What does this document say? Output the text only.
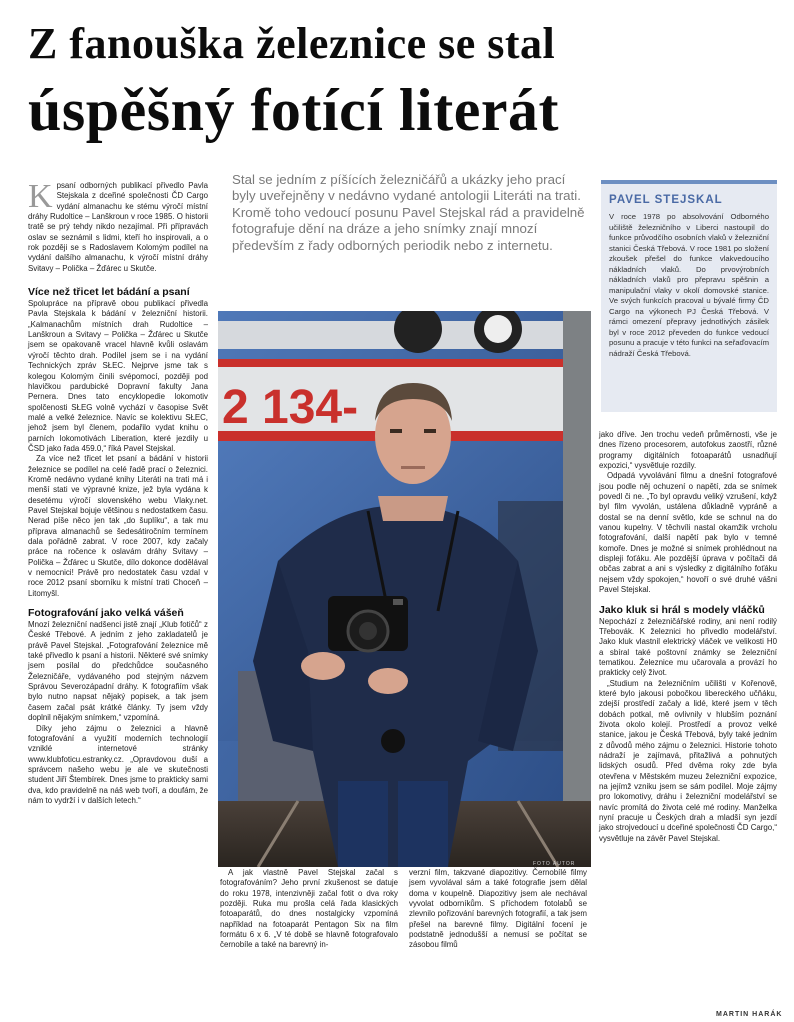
Z fanouška železnice se stal
úspěšný fotící literát

Kpsaní odborných publikací přivedlo Pavla Stejskala z dceřiné společnosti ČD Cargo vydání almanachu ke stému výročí místní dráhy Rudoltice – Lanškroun v roce 1985. O historii tratě se prý tehdy nikdo nezajímal. Při přípravách oslav se seznámil s lidmi, kteří ho inspirovali, a o rok později se s Radoslavem Kolomým podílel na vydání dalšího almanachu, k výročí místní dráhy Svitavy – Polička – Žďárec u Skutče.

Více než třicet let bádání a psaní

Spolupráce na přípravě obou publikací přivedla Pavla Stejskala k bádání v železniční historii. „Kalmanachům místních drah Rudoltice – Lanškroun a Svitavy – Polička – Žďárec u Skutče jsem se opakovaně vracel hlavně kvůli oslavám výročí těchto drah. Podílel jsem se i na vydání Technických zpráv SŁEC. Nejprve jsme tak s kolegou Kolomým činili svépomocí, později pod hlavičkou pardubické Dopravní fakulty Jana Pernera. Dnes tato encyklopedie lokomotiv spolčenosti SŁEG volně vychází v časopise Svět malé a velké železnice. Navíc se kolektivu SŁEC, jehož jsem byl členem, podařilo vydat knihu o parních lokomotivách Liberation, které jezdily u ČSD jako řada 459.0,“ říká Pavel Stejskal.

Za více než třicet let psaní a bádání v historii železnice se podílel na celé řadě prací o železnici. Kromě nedávno vydané knihy Literáti na trati má i menší stati ve výpravné knize, jež byla vydána k desetému výročí slovenského webu Vlaky.net. Pavel Stejskal bojuje většinou s nedostatkem času. Nerad píše něco jen tak „do šuplíku“, a tak mu příprava almanachů se šedesátiročním termínem dala pořádně zabrat. V roce 2007, kdy začaly práce na ročence k oslavám dráhy Svitavy – Polička – Žďárec u Skutče, dílo dokonce dodělával v nemocnici! Právě pro nedostatek času vzdal v roce 2012 psaní sborníku k místní trati Choceň – Litomyšl.

Fotografování jako velká vášeň

Mnozí železniční nadšenci jistě znají „Klub fotičů“ z České Třebové. A jedním z jeho zakladatelů je právě Pavel Stejskal. „Fotografování železnice mě také přivedlo k psaní a historii. Některé své snímky jsem posílal do předchůdce současného Železničáře, vydávaného pod stejným názvem Správou Severozápadní dráhy. K fotografiím však bylo nutno napsat nějaký popisek, a tak jsem časem začal psát krátké články. Ty jsem vždy doplnil nějakým snímkem,“ vzpomíná.

Díky jeho zájmu o železnici a hlavně fotografování a využití moderních technologií vzniklé internetové stránky www.klubfoticu.estranky.cz. „Opravdovou duší a správcem našeho webu je ale ve skutečnosti student Jiří Štembírek. Dnes jsme to prakticky sami dva, kdo pravidelně na náš web tvoří, a doufám, že nám to vydrží i v dalších letech.“

Stal se jedním z píšících železničářů a ukázky jeho prací byly uveřejněny v nedávno vydané antologii Literáti na trati. Kromě toho vedoucí posunu Pavel Stejskal rád a pravidelně fotografuje dění na dráze a jeho snímky znají mnozí především z řady odborných periodik nebo z internetu.

PAVEL STEJSKAL

V roce 1978 po absolvování Odborného učiliště železničního v Liberci nastoupil do funkce průvodčího osobních vlaků v železniční stanici Česká Třebová. V roce 1981 po složení zkoušek přešel do funkce vlakvedoucího nákladních vlaků. Do prvovýrobních nákladních vlaků pro přepravu spěšnin a manipulační vlaky v okolí domovské stanice. Ve svých funkcích pracoval u bývalé firmy ČD Cargo na výkonech PJ Česká Třebová. V rámci omezení přepravy jednotlivých zásilek byl v roce 2012 převeden do funkce vedoucí posunu a pracuje v této funkci na seřaďovacím nádraží Česká Třebová.

2 134-
FOTO AUTOR

A jak vlastně Pavel Stejskal začal s fotografováním? Jeho první zkušenost se datuje do roku 1978, intenzivněji začal fotit o dva roky později. Ruka mu prošla celá řada klasických fotoaparátů, do dnes nostalgicky vzpomíná například na fotoaparát Pentagon Six na film formátu 6 x 6. „V té době se hlavně fotografovalo černobíle a také na barevný in-

verzní film, takzvané diapozitivy. Černobílé filmy jsem vyvolával sám a také fotografie jsem dělal doma v koupelně. Diapozitivy jsem ale nechával vyvolat odborníkům. S příchodem fotolabů se zlevnilo pořizování barevných fotografií, a tak jsem přešel na barevné filmy. Digitální focení je podstatně jednodušší a nemusí se počítat se zásobou filmů

jako dříve. Jen trochu vedeň průměrnosti, vše je dnes řízeno procesorem, autofokus zaostří, různé programy digitálních fotoaparátů usnadňují expozici,“ vysvětluje rozdíly.

Odpadá vyvolávání filmu a dnešní fotografové jsou podle něj ochuzení o napětí, zda se snímek povedl či ne. „To byl opravdu veliký vzrušení, když byl film vyvolán, ustálena důkladně vypráně a dostal se na denní světlo, kde se schnul na do vanou kupelny. V těchvíli nastal okamžik vrcholu fotografování, další napětí pak bylo v temné komoře. Dnes je možné si snímek prohlédnout na displeji foťáku. Ale pozdější úprava v počítači dá občas zabrat a ani s výsledky z digitálního foťáku nejsem vždy spokojen,“ hovoří o své druhé vášni Pavel Stejskal.

Jako kluk si hrál s modely vláčků

Nepochází z železničářské rodiny, ani není rodilý Třebovák. K železnici ho přivedlo modelářství. Jako kluk vlastnil elektrický vláček ve velikosti H0 a sbíral také poštovní známky se železniční tematikou. Železnice mu učarovala a provází ho prakticky celý život.

„Studium na železničním učilišti v Kořenově, které bylo jakousi pobočkou libereckého učňáku, zdejší prostředí začaly a lidé, které jsem v těch dobách potkal, mě ovlivnily v hlubším poznání života okolo kolejí. Prostředí a provoz velké stanice, jakou je Česká Třebová, byly také jedním z důvodů mého zájmu o železnici. Historie tohoto nádraží je zajímavá, přitažlivá a pohnutých lidských osudů. Před dvěma roky zde byla otevřena v Městském muzeu železniční expozice, na jejímž vzniku jsem se sám podílel. Moje zájmy pro lokomotivy, dráhu i železniční modelářství se navíc promítá do života celé mé rodiny. Manželka nyní pracuje u Českých drah a mladší syn jezdí jako strojvedoucí u dceřiné společnosti ČD Cargo,“ vysvětluje na závěr Pavel Stejskal.

MARTIN HARÁK
